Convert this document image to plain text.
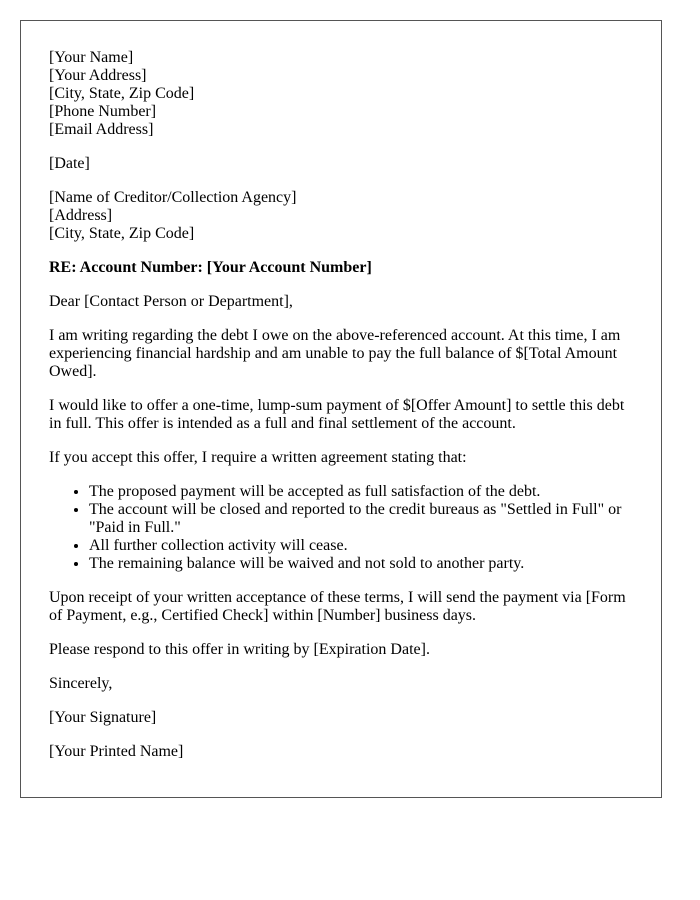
[Your Name]
[Your Address]
[City, State, Zip Code]
[Phone Number]
[Email Address]

[Date]

[Name of Creditor/Collection Agency]
[Address]
[City, State, Zip Code]

RE: Account Number: [Your Account Number]

Dear [Contact Person or Department],

I am writing regarding the debt I owe on the above-referenced account. At this time, I am experiencing financial hardship and am unable to pay the full balance of $[Total Amount Owed].

I would like to offer a one-time, lump-sum payment of $[Offer Amount] to settle this debt in full. This offer is intended as a full and final settlement of the account.

If you accept this offer, I require a written agreement stating that:

• The proposed payment will be accepted as full satisfaction of the debt.
• The account will be closed and reported to the credit bureaus as "Settled in Full" or "Paid in Full."
• All further collection activity will cease.
• The remaining balance will be waived and not sold to another party.

Upon receipt of your written acceptance of these terms, I will send the payment via [Form of Payment, e.g., Certified Check] within [Number] business days.

Please respond to this offer in writing by [Expiration Date].

Sincerely,

[Your Signature]

[Your Printed Name]
